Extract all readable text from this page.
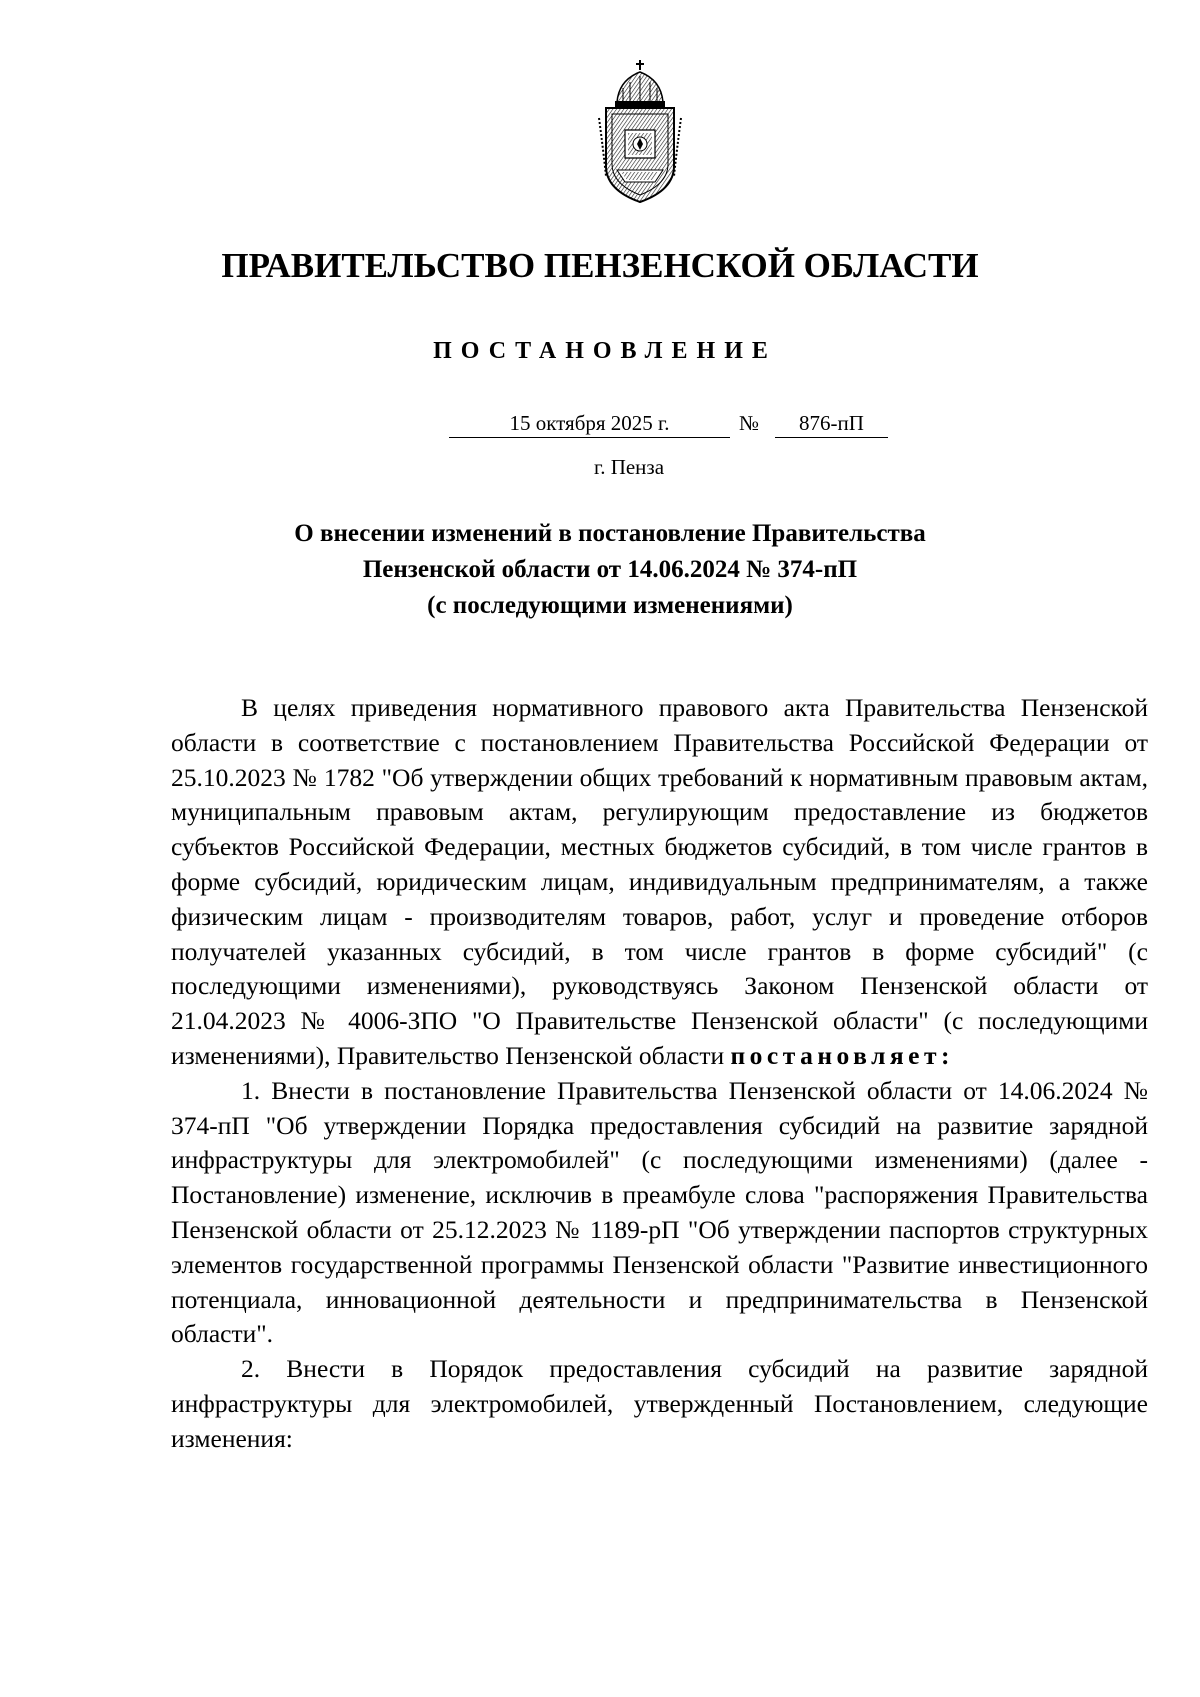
ПРАВИТЕЛЬСТВО ПЕНЗЕНСКОЙ ОБЛАСТИ
ПОСТАНОВЛЕНИЕ
15 октября 2025 г.	№	876-пП
г. Пенза
О внесении изменений в постановление Правительства
Пензенской области от 14.06.2024 № 374-пП
(с последующими изменениями)

В целях приведения нормативного правового акта Правительства Пензенской области в соответствие с постановлением Правительства Российской Федерации от 25.10.2023 № 1782 "Об утверждении общих требований к нормативным правовым актам, муниципальным правовым актам, регулирующим предоставление из бюджетов субъектов Российской Федерации, местных бюджетов субсидий, в том числе грантов в форме субсидий, юридическим лицам, индивидуальным предпринимателям, а также физическим лицам - производителям товаров, работ, услуг и проведение отборов получателей указанных субсидий, в том числе грантов в форме субсидий" (с последующими изменениями), руководствуясь Законом Пензенской области от 21.04.2023 № 4006-ЗПО "О Правительстве Пензенской области" (с последующими изменениями), Правительство Пензенской области постановляет:

1. Внести в постановление Правительства Пензенской области от 14.06.2024 № 374-пП "Об утверждении Порядка предоставления субсидий на развитие зарядной инфраструктуры для электромобилей" (с последующими изменениями) (далее - Постановление) изменение, исключив в преамбуле слова "распоряжения Правительства Пензенской области от 25.12.2023 № 1189-рП "Об утверждении паспортов структурных элементов государственной программы Пензенской области "Развитие инвестиционного потенциала, инновационной деятельности и предпринимательства в Пензенской области".

2. Внести в Порядок предоставления субсидий на развитие зарядной инфраструктуры для электромобилей, утвержденный Постановлением, следующие изменения:
